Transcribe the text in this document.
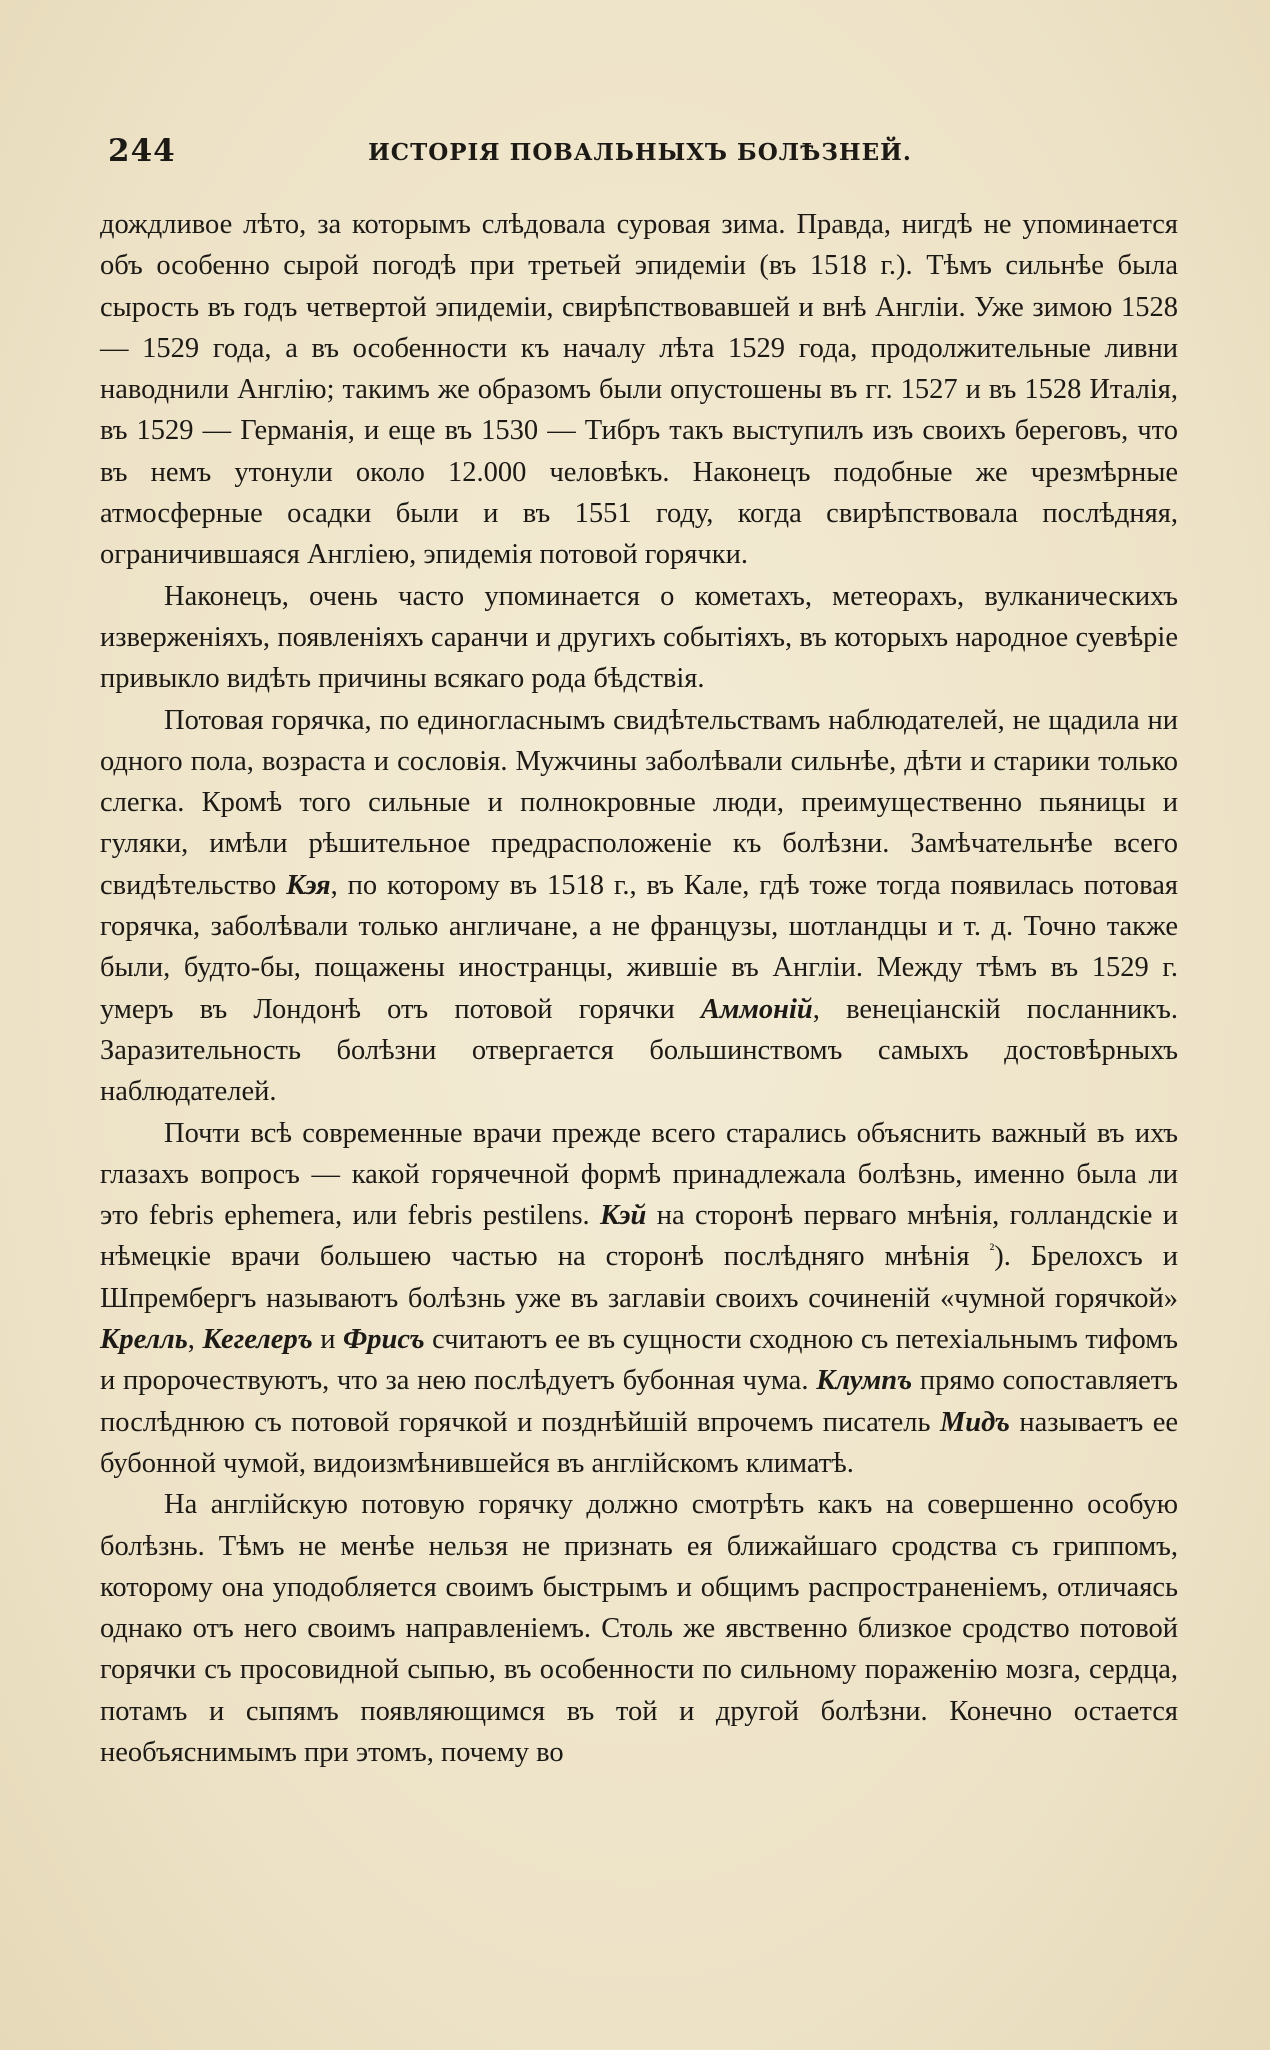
244	ИСТОРІЯ ПОВАЛЬНЫХЪ БОЛѢЗНЕЙ.

дождливое лѣто, за которымъ слѣдовала суровая зима. Правда, нигдѣ не упоминается объ особенно сырой погодѣ при третьей эпидеміи (въ 1518 г.). Тѣмъ сильнѣе была сырость въ годъ четвертой эпидеміи, свирѣпствовавшей и внѣ Англіи. Уже зимою 1528 — 1529 года, а въ особенности къ началу лѣта 1529 года, продолжительные ливни наводнили Англію; такимъ же образомъ были опустошены въ гг. 1527 и въ 1528 Италія, въ 1529 — Германія, и еще въ 1530 — Тибръ такъ выступилъ изъ своихъ береговъ, что въ немъ утонули около 12.000 человѣкъ. Наконецъ подобные же чрезмѣрные атмосферные осадки были и въ 1551 году, когда свирѣпствовала послѣдняя, ограничившаяся Англіею, эпидемія потовой горячки.

Наконецъ, очень часто упоминается о кометахъ, метеорахъ, вулканическихъ изверженіяхъ, появленіяхъ саранчи и другихъ событіяхъ, въ которыхъ народное суевѣріе привыкло видѣть причины всякаго рода бѣдствія.

Потовая горячка, по единогласнымъ свидѣтельствамъ наблюдателей, не щадила ни одного пола, возраста и сословія. Мужчины заболѣвали сильнѣе, дѣти и старики только слегка. Кромѣ того сильные и полнокровные люди, преимущественно пьяницы и гуляки, имѣли рѣшительное предрасположеніе къ болѣзни. Замѣчательнѣе всего свидѣтельство Кэя, по которому въ 1518 г., въ Кале, гдѣ тоже тогда появилась потовая горячка, заболѣвали только англичане, а не французы, шотландцы и т. д. Точно также были, будто-бы, пощажены иностранцы, жившіе въ Англіи. Между тѣмъ въ 1529 г. умеръ въ Лондонѣ отъ потовой горячки Аммоній, венеціанскій посланникъ. Заразительность болѣзни отвергается большинствомъ самыхъ достовѣрныхъ наблюдателей.

Почти всѣ современные врачи прежде всего старались объяснить важный въ ихъ глазахъ вопросъ — какой горячечной формѣ принадлежала болѣзнь, именно была ли это febris ephemera, или febris pestilens. Кэй на сторонѣ перваго мнѣнія, голландскіе и нѣмецкіе врачи большею частью на сторонѣ послѣдняго мнѣнія $^{^2}$). Брелохсъ и Шпрембергъ называютъ болѣзнь уже въ заглавіи своихъ сочиненій «чумной горячкой» Крелль, Кегелеръ и Фрисъ считаютъ ее въ сущности сходною съ петехіальнымъ тифомъ и пророчествуютъ, что за нею послѣдуетъ бубонная чума. Клумпъ прямо сопоставляетъ послѣднюю съ потовой горячкой и позднѣйшій впрочемъ писатель Мидъ называетъ ее бубонной чумой, видоизмѣнившейся въ англійскомъ климатѣ.

На англійскую потовую горячку должно смотрѣть какъ на совершенно особую болѣзнь. Тѣмъ не менѣе нельзя не признать ея ближайшаго сродства съ гриппомъ, которому она уподобляется своимъ быстрымъ и общимъ распространеніемъ, отличаясь однако отъ него своимъ направленіемъ. Столь же явственно близкое сродство потовой горячки съ просовидной сыпью, въ особенности по сильному пораженію мозга, сердца, потамъ и сыпямъ появляющимся въ той и другой болѣзни. Конечно остается необъяснимымъ при этомъ, почему во
